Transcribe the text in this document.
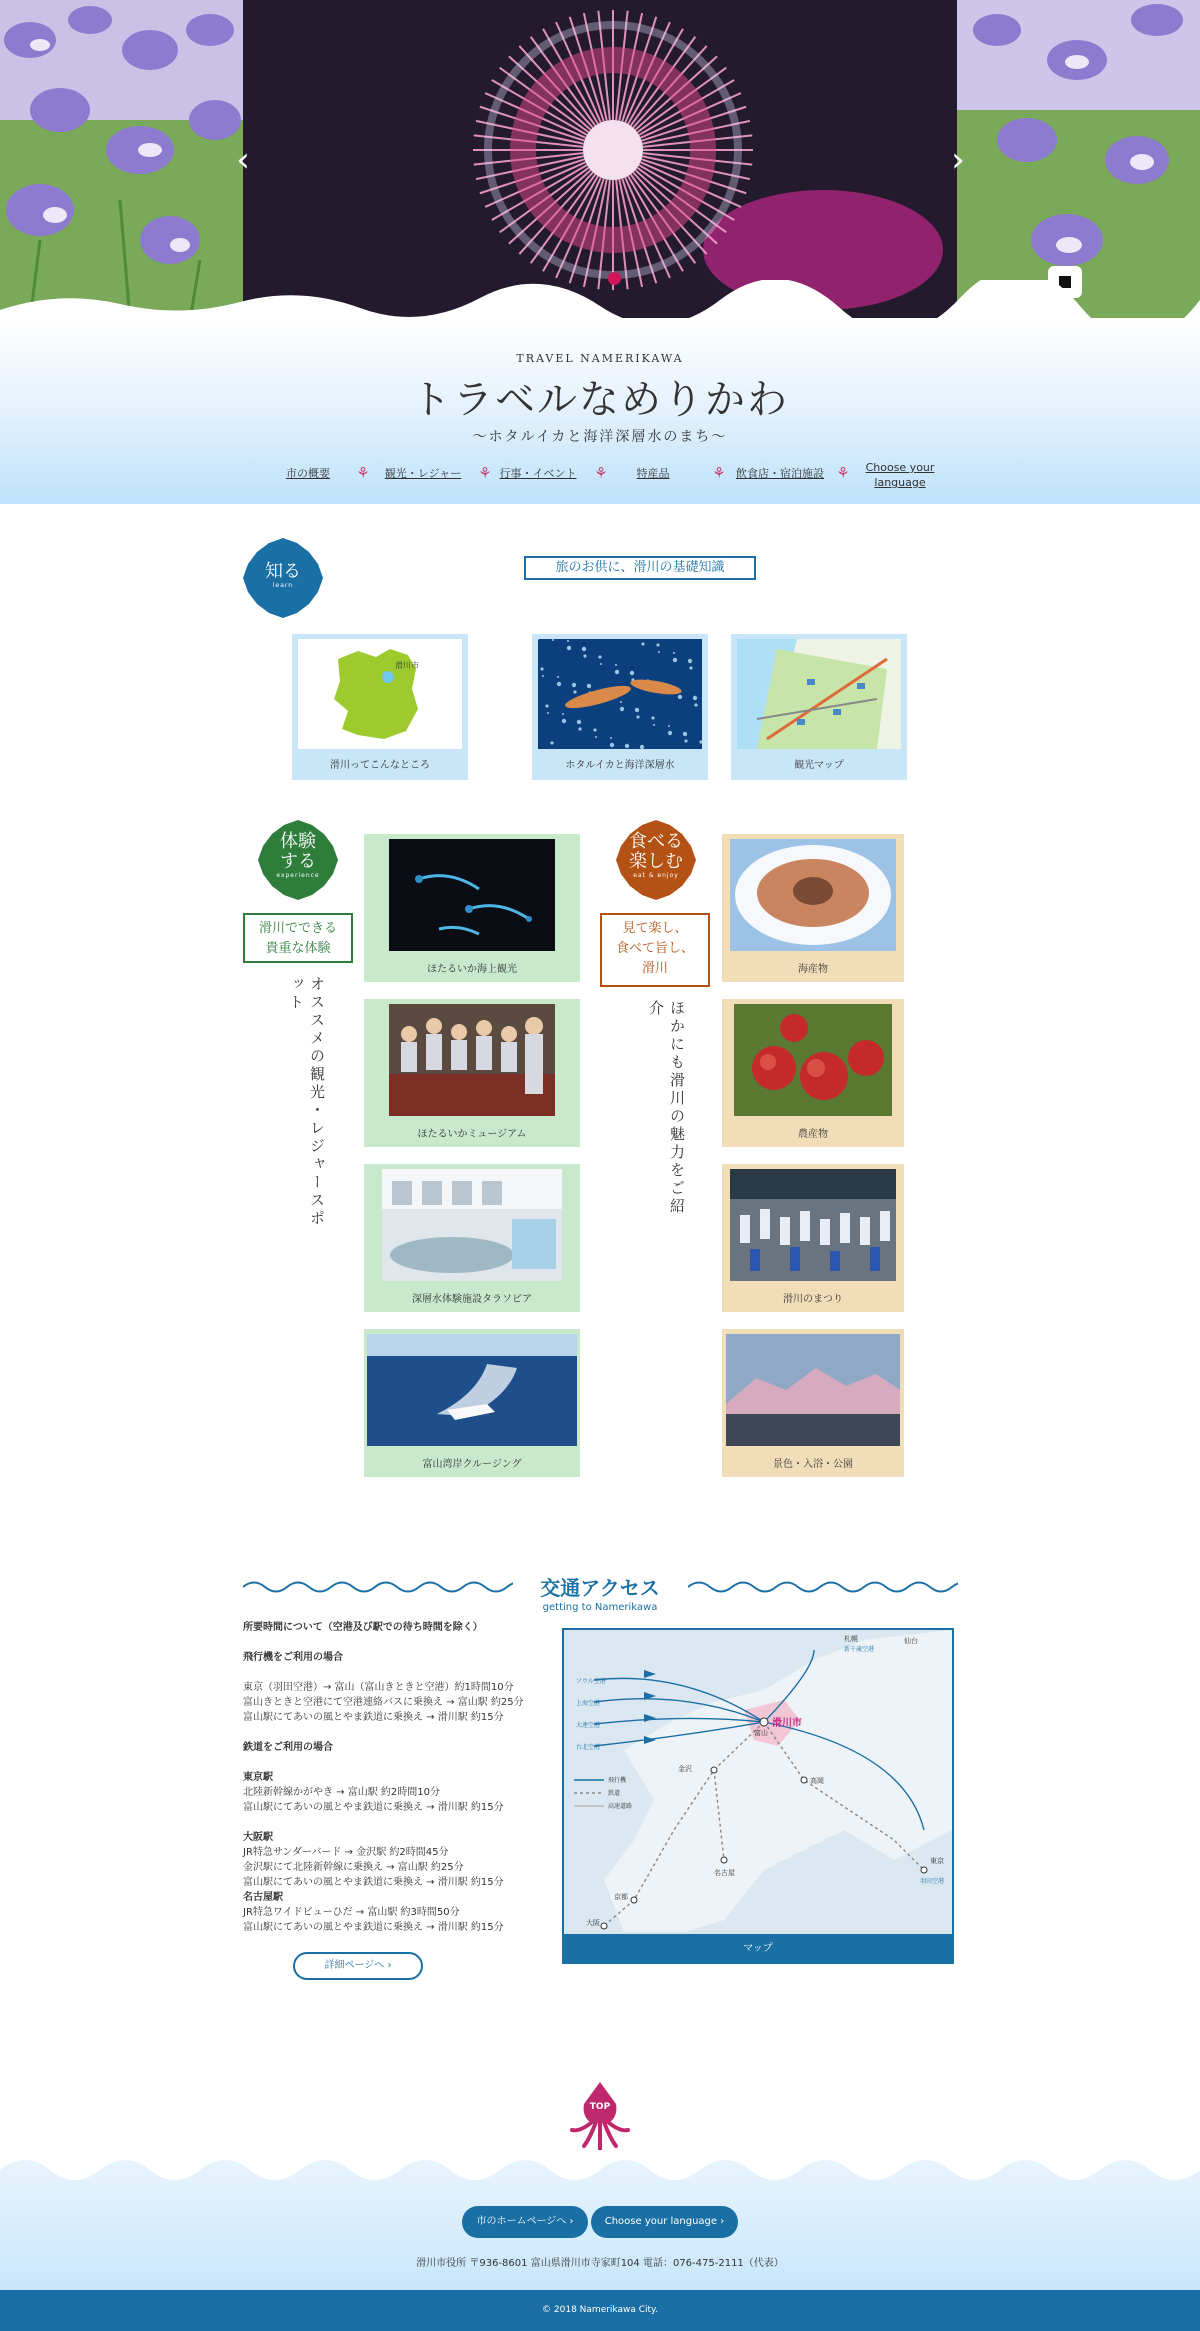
‹	›
TRAVEL NAMERIKAWA
トラベルなめりかわ
〜ホタルイカと海洋深層水のまち〜
市の概要	⚘	観光・レジャー	⚘ 行事・イベント ⚘	特産品	⚘ 飲食店・宿泊施設 ⚘	Choose your language
知る
learn
旅のお供に、滑川の基礎知識
滑川市
滑川ってこんなところ	ホタルイカと海洋深層水	観光マップ
体験する
experience
滑川でできる
貴重な体験
オススメの観光・レジャースポット
ほたるいか海上観光
ほたるいかミュージアム
深層水体験施設タラソピア
富山湾岸クルージング
食べる楽しむ
eat & enjoy
見て楽し、
食べて旨し、
滑川
ほかにも滑川の魅力をご紹介
海産物
農産物
滑川のまつり
景色・入浴・公園
交通アクセス
getting to Namerikawa
所要時間について（空港及び駅での待ち時間を除く）

飛行機をご利用の場合

東京（羽田空港）→ 富山（富山きときと空港）約1時間10分
富山きときと空港にて空港連絡バスに乗換え → 富山駅 約25分
富山駅にてあいの風とやま鉄道に乗換え → 滑川駅 約15分

鉄道をご利用の場合

東京駅
北陸新幹線かがやき → 富山駅 約2時間10分
富山駅にてあいの風とやま鉄道に乗換え → 滑川駅 約15分

大阪駅
JR特急サンダーバード → 金沢駅 約2時間45分
金沢駅にて北陸新幹線に乗換え → 富山駅 約25分
富山駅にてあいの風とやま鉄道に乗換え → 滑川駅 約15分
名古屋駅
JR特急ワイドビューひだ → 富山駅 約3時間50分
富山駅にてあいの風とやま鉄道に乗換え → 滑川駅 約15分
詳細ページへ ›
札幌
新千歳空港
仙台
ソウル空港
上海空港
大連空港
台北空港
滑川市
富山
金沢
高岡
東京
羽田空港
京都
名古屋
大阪
飛行機
鉄道
高速道路
マップ
TOP
市のホームページへ ›	Choose your language ›
滑川市役所 〒936-8601 富山県滑川市寺家町104 電話：076-475-2111（代表）
© 2018 Namerikawa City.
